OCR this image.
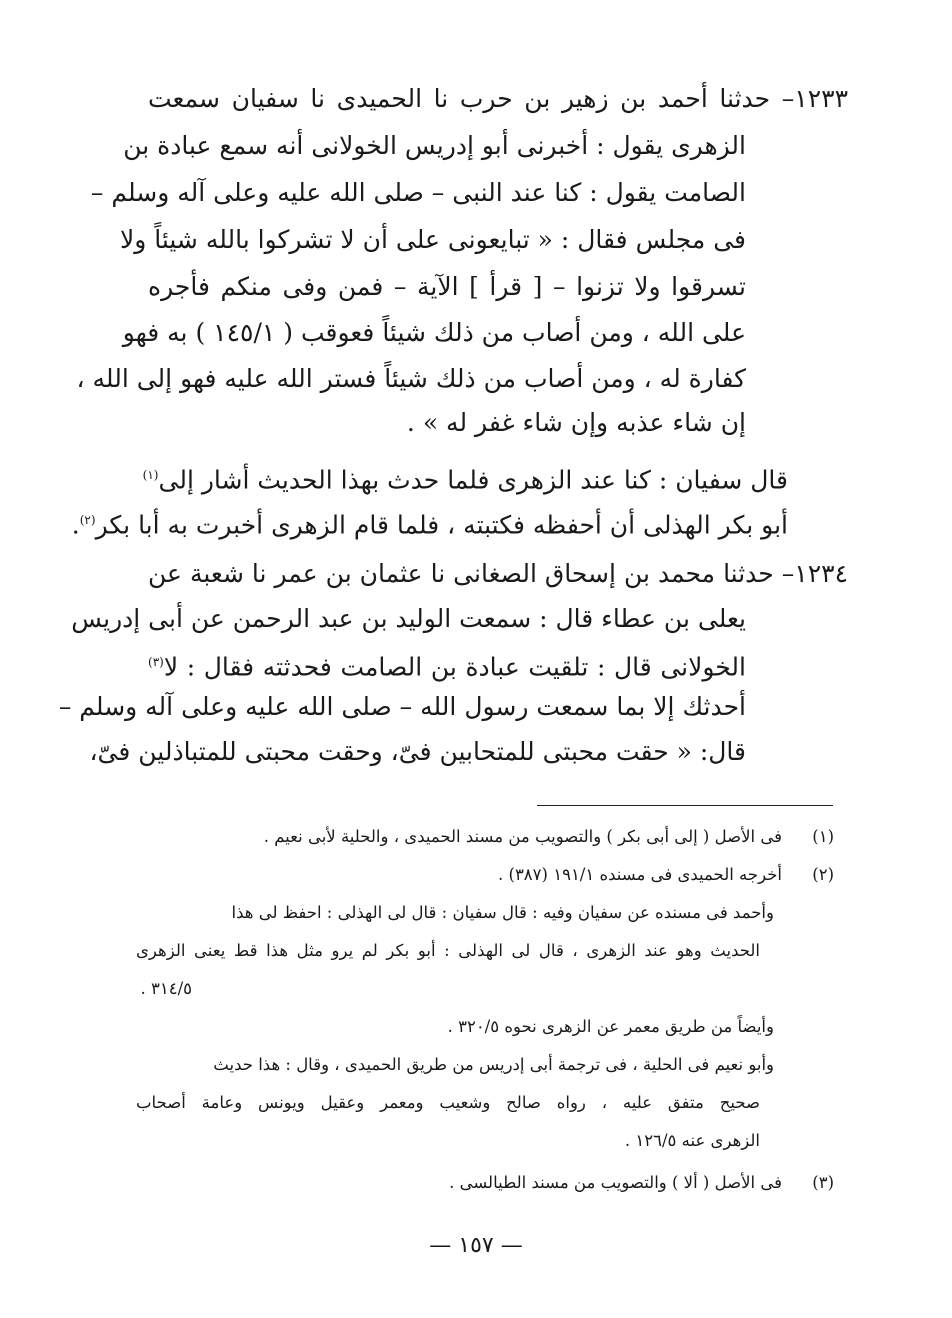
١٢٣٣– حدثنا أحمد بن زهير بن حرب نا الحميدى نا سفيان سمعت
الزهرى يقول : أخبرنى أبو إدريس الخولانى أنه سمع عبادة بن
الصامت يقول : كنا عند النبى – صلى الله عليه وعلى آله وسلم –
فى مجلس فقال : « تبايعونى على أن لا تشركوا بالله شيئاً ولا
تسرقوا ولا تزنوا – [ قرأ ] الآية – فمن وفى منكم فأجره
على الله ، ومن أصاب من ذلك شيئاً فعوقب ( ١٤٥/١ ) به فهو
كفارة له ، ومن أصاب من ذلك شيئاً فستر الله عليه فهو إلى الله ،
إن شاء عذبه وإن شاء غفر له » .
قال سفيان : كنا عند الزهرى فلما حدث بهذا الحديث أشار إلى$^{(١)}$
أبو بكر الهذلى أن أحفظه فكتبته ، فلما قام الزهرى أخبرت به أبا بكر$^{(٢)}$.
١٢٣٤– حدثنا محمد بن إسحاق الصغانى نا عثمان بن عمر نا شعبة عن
يعلى بن عطاء قال : سمعت الوليد بن عبد الرحمن عن أبى إدريس
الخولانى قال : تلقيت عبادة بن الصامت فحدثته فقال : لا$^{(٣)}$
أحدثك إلا بما سمعت رسول الله – صلى الله عليه وعلى آله وسلم –
قال: « حقت محبتى للمتحابين فىّ، وحقت محبتى للمتباذلين فىّ،
(١)
فى الأصل ( إلى أبى بكر ) والتصويب من مسند الحميدى ، والحلية لأبى نعيم .
(٢)
أخرجه الحميدى فى مسنده ١٩١/١ (٣٨٧) .
وأحمد فى مسنده عن سفيان وفيه : قال سفيان : قال لى الهذلى : احفظ لى هذا
الحديث وهو عند الزهرى ، قال لى الهذلى : أبو بكر لم يرو مثل هذا قط يعنى الزهرى
٣١٤/٥ .
وأيضاً من طريق معمر عن الزهرى نحوه ٣٢٠/٥ .
وأبو نعيم فى الحلية ، فى ترجمة أبى إدريس من طريق الحميدى ، وقال : هذا حديث
صحيح متفق عليه ، رواه صالح وشعيب ومعمر وعقيل ويونس وعامة أصحاب
الزهرى عنه ١٢٦/٥ .
(٣)
فى الأصل ( ألا ) والتصويب من مسند الطيالسى .
— ١٥٧ —
